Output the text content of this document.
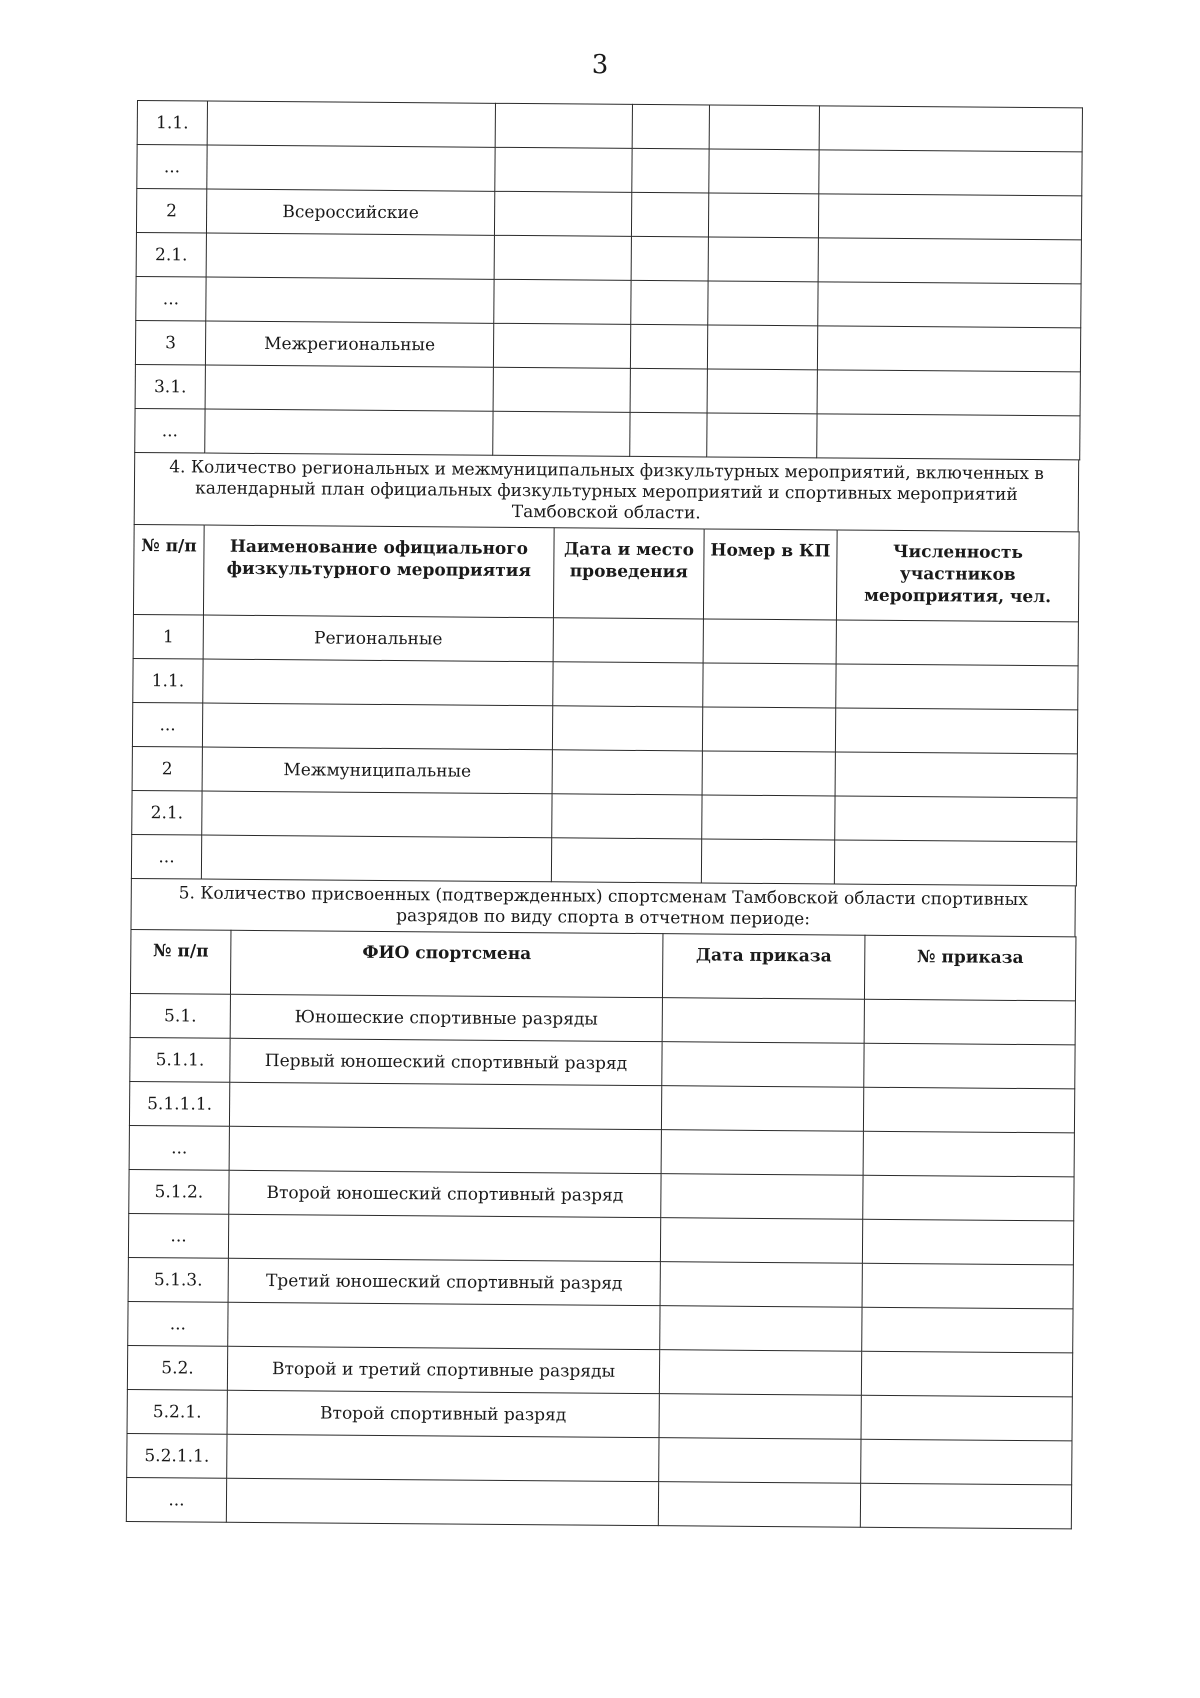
3
1.1.					
...					
2	Всероссийские				
2.1.					
...					
3	Межрегиональные				
3.1.					
...					
4. Количество региональных и межмуниципальных физкультурных мероприятий, включенных в календарный план официальных физкультурных мероприятий и спортивных мероприятий Тамбовской области.
№ п/п	Наименование официального физкультурного мероприятия	Дата и место проведения	Номер в КП	Численность участников мероприятия, чел.
1	Региональные			
1.1.				
...				
2	Межмуниципальные			
2.1.				
...				
5. Количество присвоенных (подтвержденных) спортсменам Тамбовской области спортивных разрядов по виду спорта в отчетном периоде:
№ п/п	ФИО спортсмена	Дата приказа	№ приказа
5.1.	Юношеские спортивные разряды		
5.1.1.	Первый юношеский спортивный разряд		
5.1.1.1.			
...			
5.1.2.	Второй юношеский спортивный разряд		
...			
5.1.3.	Третий юношеский спортивный разряд		
...			
5.2.	Второй и третий спортивные разряды		
5.2.1.	Второй спортивный разряд		
5.2.1.1.			
...			
